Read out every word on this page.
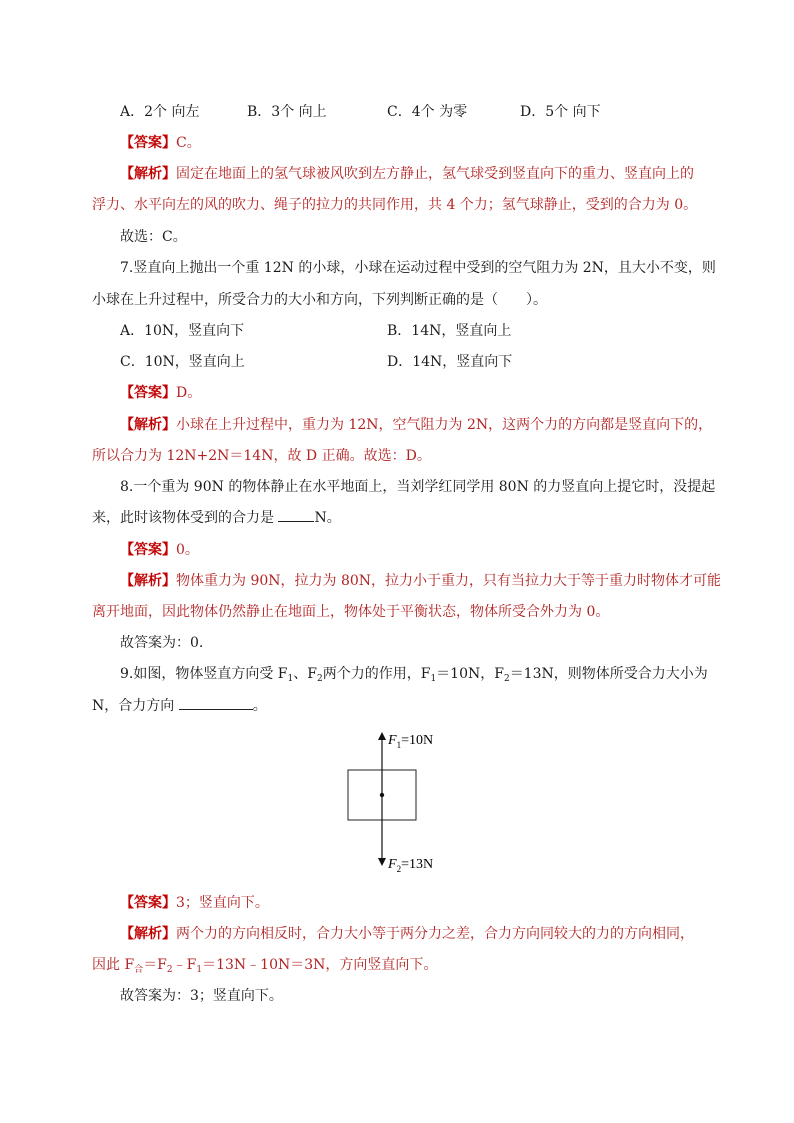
A．2个 向左	B．3个 向上	C．4个 为零	D．5个 向下
【答案】C。
【解析】固定在地面上的氢气球被风吹到左方静止，氢气球受到竖直向下的重力、竖直向上的
浮力、水平向左的风的吹力、绳子的拉力的共同作用，共 4 个力；氢气球静止，受到的合力为 0。
故选：C。
7.竖直向上抛出一个重 12N 的小球，小球在运动过程中受到的空气阻力为 2N，且大小不变，则
小球在上升过程中，所受合力的大小和方向，下列判断正确的是（　　）。
A．10N，竖直向下	B．14N，竖直向上
C．10N，竖直向上	D．14N，竖直向下
【答案】D。
【解析】小球在上升过程中，重力为 12N，空气阻力为 2N，这两个力的方向都是竖直向下的，
所以合力为 12N+2N＝14N，故 D 正确。故选：D。
8.一个重为 90N 的物体静止在水平地面上，当刘学红同学用 80N 的力竖直向上提它时，没提起
来，此时该物体受到的合力是	N。
【答案】0。
【解析】物体重力为 90N，拉力为 80N，拉力小于重力，只有当拉力大于等于重力时物体才可能
离开地面，因此物体仍然静止在地面上，物体处于平衡状态，物体所受合外力为 0。
故答案为：0.
9.如图，物体竖直方向受 $F_1$、$F_2$两个力的作用，$F_1=10N$，$F_2=13N$，则物体所受合力大小为
N，合力方向	。
$F_1=10N$
$F_2=13N$
【答案】3；竖直向下。
【解析】两个力的方向相反时，合力大小等于两分力之差，合力方向同较大的力的方向相同，
因此 $F_合=F_2﹣F_1=13N﹣10N=3N$，方向竖直向下。
故答案为：3；竖直向下。
